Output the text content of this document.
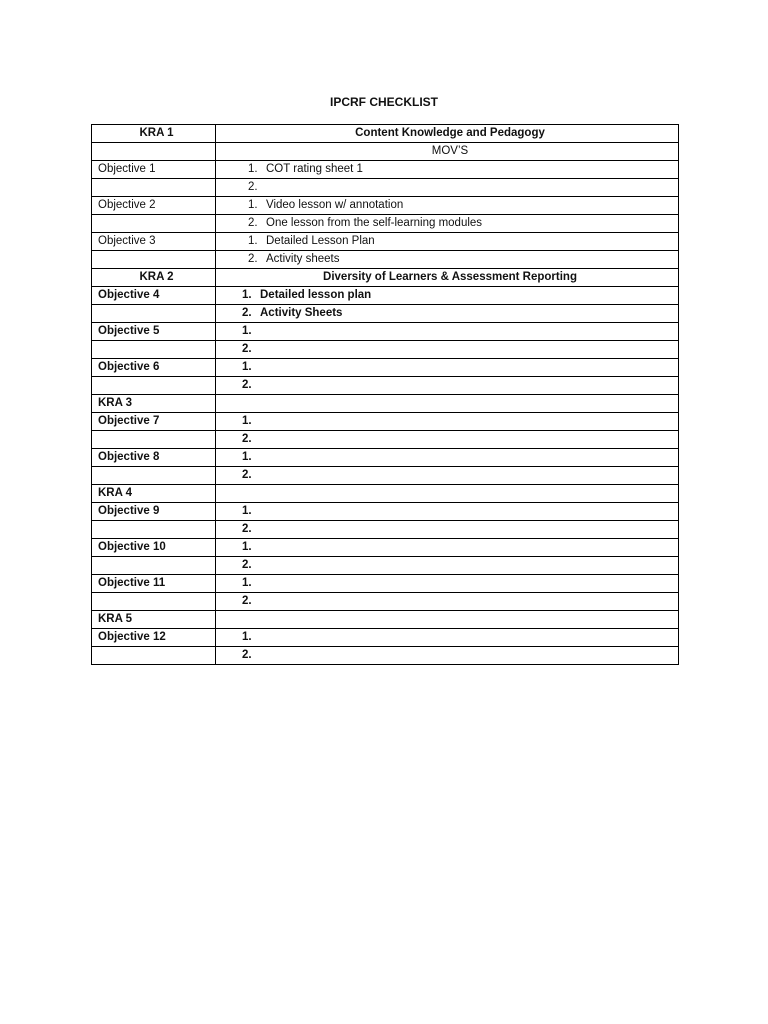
IPCRF CHECKLIST
KRA 1	Content Knowledge and Pedagogy
	MOV’S
Objective 1	1. COT rating sheet 1
	2.
Objective 2	1. Video lesson w/ annotation
	2. One lesson from the self-learning modules
Objective 3	1. Detailed Lesson Plan
	2. Activity sheets
KRA 2	Diversity of Learners & Assessment Reporting
Objective 4	1. Detailed lesson plan
	2. Activity Sheets
Objective 5	1.
	2.
Objective 6	1.
	2.
KRA 3	
Objective 7	1.
	2.
Objective 8	1.
	2.
KRA 4	
Objective 9	1.
	2.
Objective 10	1.
	2.
Objective 11	1.
	2.
KRA 5	
Objective 12	1.
	2.
